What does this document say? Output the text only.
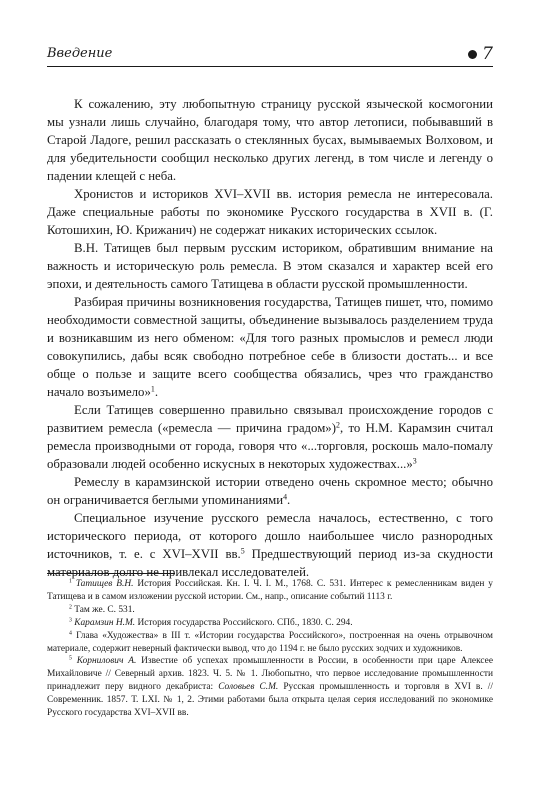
Введение	7

К сожалению, эту любопытную страницу русской языческой космогонии мы узнали лишь случайно, благодаря тому, что автор летописи, побывавший в Старой Ладоге, решил рассказать о стеклянных бусах, вымываемых Волховом, и для убедительности сообщил несколько других легенд, в том числе и легенду о падении клещей с неба.

Хронистов и историков XVI–XVII вв. история ремесла не интересовала. Даже специальные работы по экономике Русского государства в XVII в. (Г. Котошихин, Ю. Крижанич) не содержат никаких исторических ссылок.

В.Н. Татищев был первым русским историком, обратившим внимание на важность и историческую роль ремесла. В этом сказался и характер всей его эпохи, и деятельность самого Татищева в области русской промышленности.

Разбирая причины возникновения государства, Татищев пишет, что, помимо необходимости совместной защиты, объединение вызывалось разделением труда и возникавшим из него обменом: «Для того разных промыслов и ремесл люди совокупились, дабы всяк свободно потребное себе в близости достать... и все обще о пользе и защите всего сообщества обязались, чрез что гражданство начало возъимело»$^1$.

Если Татищев совершенно правильно связывал происхождение городов с развитием ремесла («ремесла — причина градом»)$^2$, то Н.М. Карамзин считал ремесла производными от города, говоря что «...торговля, роскошь мало-помалу образовали людей особенно искусных в некоторых художествах...»$^3$

Ремеслу в карамзинской истории отведено очень скромное место; обычно он ограничивается беглыми упоминаниями$^4$.

Специальное изучение русского ремесла началось, естественно, с того исторического периода, от которого дошло наибольшее число разнородных источников, т. е. с XVI–XVII вв.$^5$ Предшествующий период из-за скудности материалов долго не привлекал исследователей.

$^1$ Татищев В.Н. История Российская. Кн. I. Ч. I. М., 1768. С. 531. Интерес к ремесленникам виден у Татищева и в самом изложении русской истории. См., напр., описание событий 1113 г.

$^2$ Там же. С. 531.

$^3$ Карамзин Н.М. История государства Российского. СПб., 1830. С. 294.

$^4$ Глава «Художества» в III т. «Истории государства Российского», построенная на очень отрывочном материале, содержит неверный фактически вывод, что до 1194 г. не было русских зодчих и художников.

$^5$ Корнилович А. Известие об успехах промышленности в России, в особенности при царе Алексее Михайловиче // Северный архив. 1823. Ч. 5. № 1. Любопытно, что первое исследование промышленности принадлежит перу видного декабриста: Соловьев С.М. Русская промышленность и торговля в XVI в. // Современник. 1857. Т. LXI. № 1, 2. Этими работами была открыта целая серия исследований по экономике Русского государства XVI–XVII вв.
